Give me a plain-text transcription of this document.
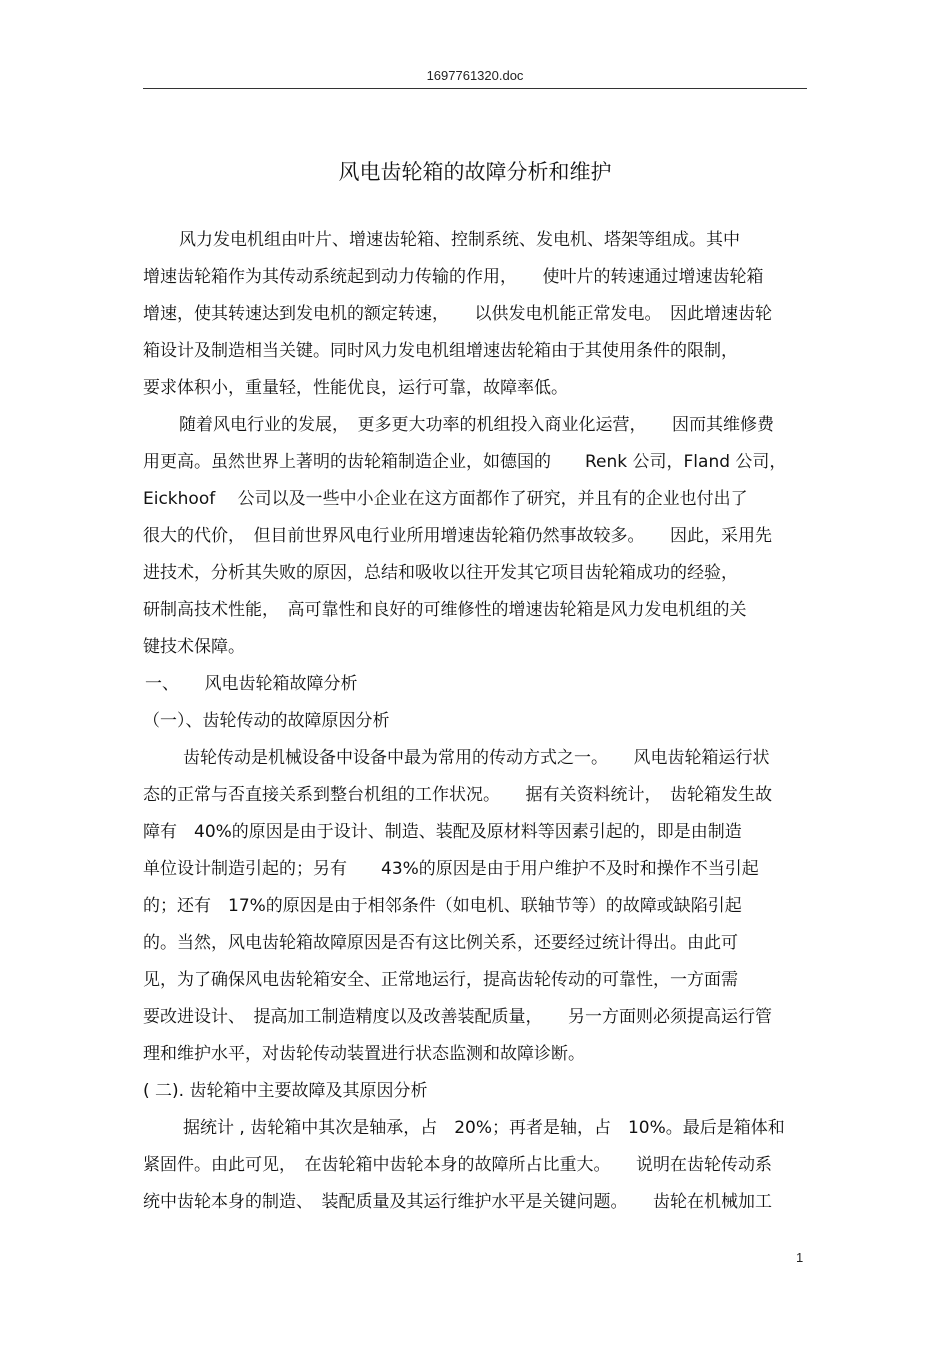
1697761320.doc
风电齿轮箱的故障分析和维护
风力发电机组由叶片、增速齿轮箱、控制系统、发电机、塔架等组成。其中
增速齿轮箱作为其传动系统起到动力传输的作用，　　使叶片的转速通过增速齿轮箱
增速，使其转速达到发电机的额定转速，　　以供发电机能正常发电。　因此增速齿轮
箱设计及制造相当关键。同时风力发电机组增速齿轮箱由于其使用条件的限制，
要求体积小，重量轻，性能优良，运行可靠，故障率低。
随着风电行业的发展，　更多更大功率的机组投入商业化运营，　　因而其维修费
用更高。虽然世界上著明的齿轮箱制造企业，如德国的　　Renk 公司，Fland 公司，
Eickhoof　 公司以及一些中小企业在这方面都作了研究，并且有的企业也付出了
很大的代价，　但目前世界风电行业所用增速齿轮箱仍然事故较多。　　因此，采用先
进技术，分析其失败的原因，总结和吸收以往开发其它项目齿轮箱成功的经验，
研制高技术性能，　高可靠性和良好的可维修性的增速齿轮箱是风力发电机组的关
键技术保障。
一、　　风电齿轮箱故障分析
（一）、齿轮传动的故障原因分析
齿轮传动是机械设备中设备中最为常用的传动方式之一。　　风电齿轮箱运行状
态的正常与否直接关系到整台机组的工作状况。　　据有关资料统计，　齿轮箱发生故
障有　40%的原因是由于设计、制造、装配及原材料等因素引起的，即是由制造
单位设计制造引起的；另有　　43%的原因是由于用户维护不及时和操作不当引起
的；还有　17%的原因是由于相邻条件（如电机、联轴节等）的故障或缺陷引起
的。当然，风电齿轮箱故障原因是否有这比例关系，还要经过统计得出。由此可
见，为了确保风电齿轮箱安全、正常地运行，提高齿轮传动的可靠性，一方面需
要改进设计、　提高加工制造精度以及改善装配质量，　　另一方面则必须提高运行管
理和维护水平，对齿轮传动装置进行状态监测和故障诊断。
( 二). 齿轮箱中主要故障及其原因分析
据统计 , 齿轮箱中其次是轴承，占　20%；再者是轴，占　10%。最后是箱体和
紧固件。由此可见，　在齿轮箱中齿轮本身的故障所占比重大。　　说明在齿轮传动系
统中齿轮本身的制造、　装配质量及其运行维护水平是关键问题。　　齿轮在机械加工
1
